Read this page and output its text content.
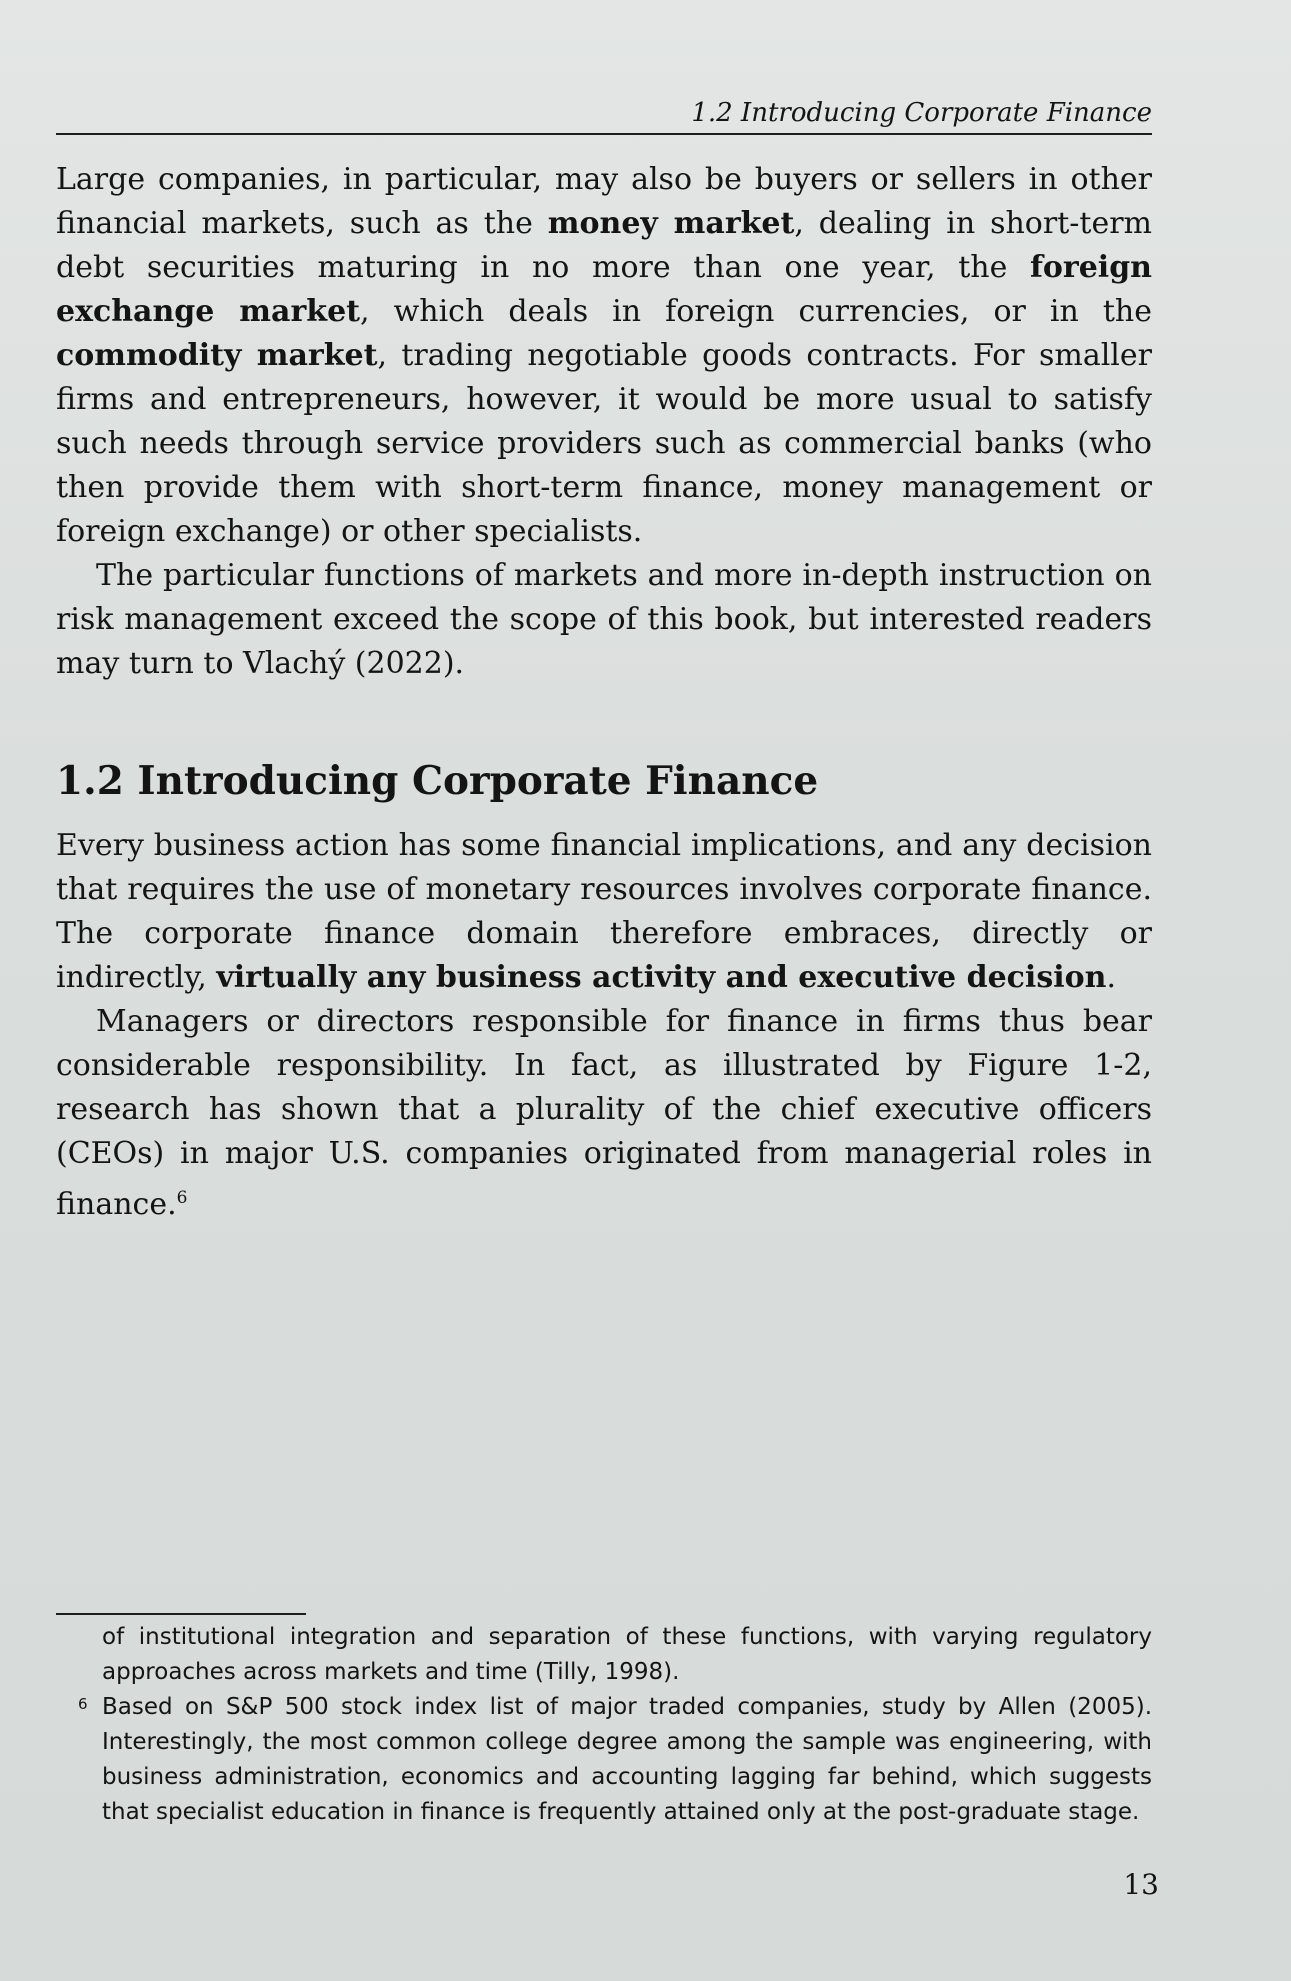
1.2 Introducing Corporate Finance

Large companies, in particular, may also be buyers or sellers in other financial markets, such as the money market, dealing in short-term debt securities maturing in no more than one year, the foreign exchange market, which deals in foreign currencies, or in the commodity market, trading negotiable goods contracts. For smaller firms and entrepreneurs, however, it would be more usual to satisfy such needs through service providers such as commercial banks (who then provide them with short-term finance, money management or foreign exchange) or other specialists.

The particular functions of markets and more in-depth instruction on risk management exceed the scope of this book, but interested readers may turn to Vlachý (2022).

1.2 Introducing Corporate Finance

Every business action has some financial implications, and any decision that requires the use of monetary resources involves corporate finance. The corporate finance domain therefore embraces, directly or indirectly, virtually any business activity and executive decision.

Managers or directors responsible for finance in firms thus bear considerable responsibility. In fact, as illustrated by Figure 1-2, research has shown that a plurality of the chief executive officers (CEOs) in major U.S. companies originated from managerial roles in finance.$^6$

of institutional integration and separation of these functions, with varying regulatory approaches across markets and time (Tilly, 1998).

6 Based on S&P 500 stock index list of major traded companies, study by Allen (2005). Interestingly, the most common college degree among the sample was engineering, with business administration, economics and accounting lagging far behind, which suggests that specialist education in finance is frequently attained only at the post-graduate stage.

13
